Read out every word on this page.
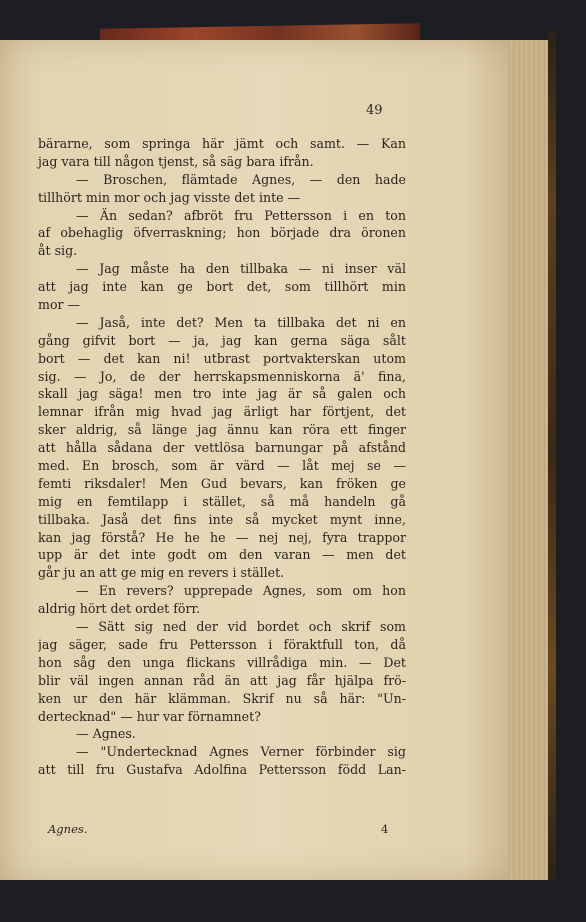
49
bärarne, som springa här jämt och samt. — Kan
jag vara till någon tjenst, så säg bara ifrån.
— Broschen, flämtade Agnes, — den hade
tillhört min mor och jag visste det inte —
— Än sedan? afbröt fru Pettersson i en ton
af obehaglig öfverraskning; hon började dra öronen
åt sig.
— Jag måste ha den tillbaka — ni inser väl
att jag inte kan ge bort det, som tillhört min
mor —
— Jaså, inte det? Men ta tillbaka det ni en
gång gifvit bort — ja, jag kan gerna säga sålt
bort — det kan ni! utbrast portvakterskan utom
sig. — Jo, de der herrskapsmenniskorna ä' fina,
skall jag säga! men tro inte jag är så galen och
lemnar ifrån mig hvad jag ärligt har förtjent, det
sker aldrig, så länge jag ännu kan röra ett finger
att hålla sådana der vettlösa barnungar på afstånd
med. En brosch, som är värd — låt mej se —
femti riksdaler! Men Gud bevars, kan fröken ge
mig en femtilapp i stället, så må handeln gå
tillbaka. Jaså det fins inte så mycket mynt inne,
kan jag förstå? He he he — nej nej, fyra trappor
upp är det inte godt om den varan — men det
går ju an att ge mig en revers i stället.
— En revers? upprepade Agnes, som om hon
aldrig hört det ordet förr.
— Sätt sig ned der vid bordet och skrif som
jag säger, sade fru Pettersson i föraktfull ton, då
hon såg den unga flickans villrådiga min. — Det
blir väl ingen annan råd än att jag får hjälpa frö-
ken ur den här klämman. Skrif nu så här: "Un-
dertecknad" — hur var förnamnet?
— Agnes.
— "Undertecknad Agnes Verner förbinder sig
att till fru Gustafva Adolfina Pettersson född Lan-
Agnes.	4
